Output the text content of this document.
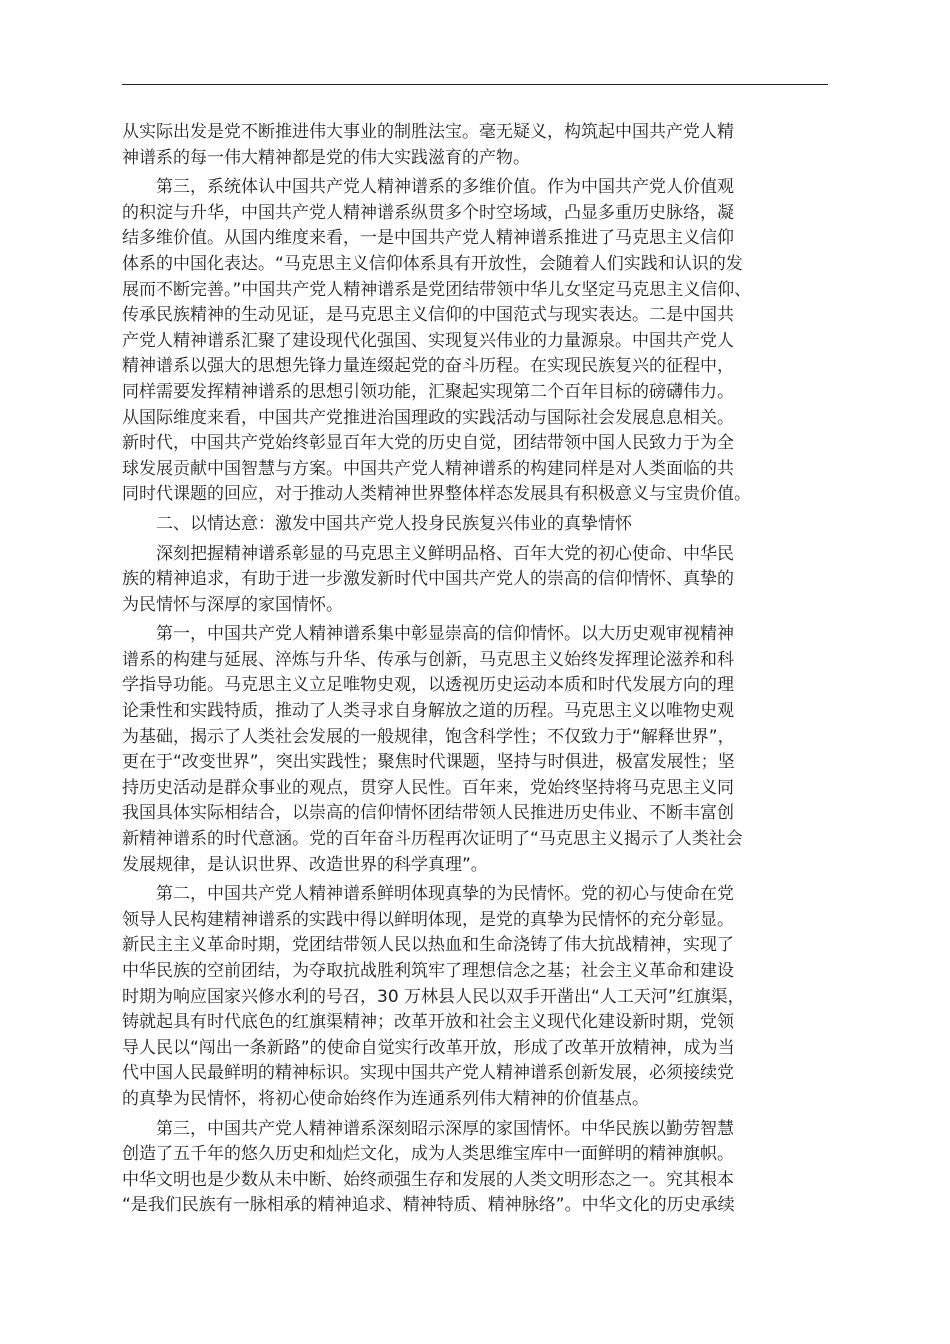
从实际出发是党不断推进伟大事业的制胜法宝。毫无疑义，构筑起中国共产党人精
神谱系的每一伟大精神都是党的伟大实践滋育的产物。

第三，系统体认中国共产党人精神谱系的多维价值。作为中国共产党人价值观
的积淀与升华，中国共产党人精神谱系纵贯多个时空场域，凸显多重历史脉络，凝
结多维价值。从国内维度来看，一是中国共产党人精神谱系推进了马克思主义信仰
体系的中国化表达。“马克思主义信仰体系具有开放性，会随着人们实践和认识的发
展而不断完善。”中国共产党人精神谱系是党团结带领中华儿女坚定马克思主义信仰、
传承民族精神的生动见证，是马克思主义信仰的中国范式与现实表达。二是中国共
产党人精神谱系汇聚了建设现代化强国、实现复兴伟业的力量源泉。中国共产党人
精神谱系以强大的思想先锋力量连缀起党的奋斗历程。在实现民族复兴的征程中，
同样需要发挥精神谱系的思想引领功能，汇聚起实现第二个百年目标的磅礴伟力。
从国际维度来看，中国共产党推进治国理政的实践活动与国际社会发展息息相关。
新时代，中国共产党始终彰显百年大党的历史自觉，团结带领中国人民致力于为全
球发展贡献中国智慧与方案。中国共产党人精神谱系的构建同样是对人类面临的共
同时代课题的回应，对于推动人类精神世界整体样态发展具有积极意义与宝贵价值。

二、以情达意：激发中国共产党人投身民族复兴伟业的真挚情怀

深刻把握精神谱系彰显的马克思主义鲜明品格、百年大党的初心使命、中华民
族的精神追求，有助于进一步激发新时代中国共产党人的崇高的信仰情怀、真挚的
为民情怀与深厚的家国情怀。

第一，中国共产党人精神谱系集中彰显崇高的信仰情怀。以大历史观审视精神
谱系的构建与延展、淬炼与升华、传承与创新，马克思主义始终发挥理论滋养和科
学指导功能。马克思主义立足唯物史观，以透视历史运动本质和时代发展方向的理
论秉性和实践特质，推动了人类寻求自身解放之道的历程。马克思主义以唯物史观
为基础，揭示了人类社会发展的一般规律，饱含科学性；不仅致力于“解释世界”，
更在于“改变世界”，突出实践性；聚焦时代课题，坚持与时俱进，极富发展性；坚
持历史活动是群众事业的观点，贯穿人民性。百年来，党始终坚持将马克思主义同
我国具体实际相结合，以崇高的信仰情怀团结带领人民推进历史伟业、不断丰富创
新精神谱系的时代意涵。党的百年奋斗历程再次证明了“马克思主义揭示了人类社会
发展规律，是认识世界、改造世界的科学真理”。

第二，中国共产党人精神谱系鲜明体现真挚的为民情怀。党的初心与使命在党
领导人民构建精神谱系的实践中得以鲜明体现，是党的真挚为民情怀的充分彰显。
新民主主义革命时期，党团结带领人民以热血和生命浇铸了伟大抗战精神，实现了
中华民族的空前团结，为夺取抗战胜利筑牢了理想信念之基；社会主义革命和建设
时期为响应国家兴修水利的号召，30 万林县人民以双手开凿出“人工天河”红旗渠，
铸就起具有时代底色的红旗渠精神；改革开放和社会主义现代化建设新时期，党领
导人民以“闯出一条新路”的使命自觉实行改革开放，形成了改革开放精神，成为当
代中国人民最鲜明的精神标识。实现中国共产党人精神谱系创新发展，必须接续党
的真挚为民情怀，将初心使命始终作为连通系列伟大精神的价值基点。

第三，中国共产党人精神谱系深刻昭示深厚的家国情怀。中华民族以勤劳智慧
创造了五千年的悠久历史和灿烂文化，成为人类思维宝库中一面鲜明的精神旗帜。
中华文明也是少数从未中断、始终顽强生存和发展的人类文明形态之一。究其根本
“是我们民族有一脉相承的精神追求、精神特质、精神脉络”。中华文化的历史承续
